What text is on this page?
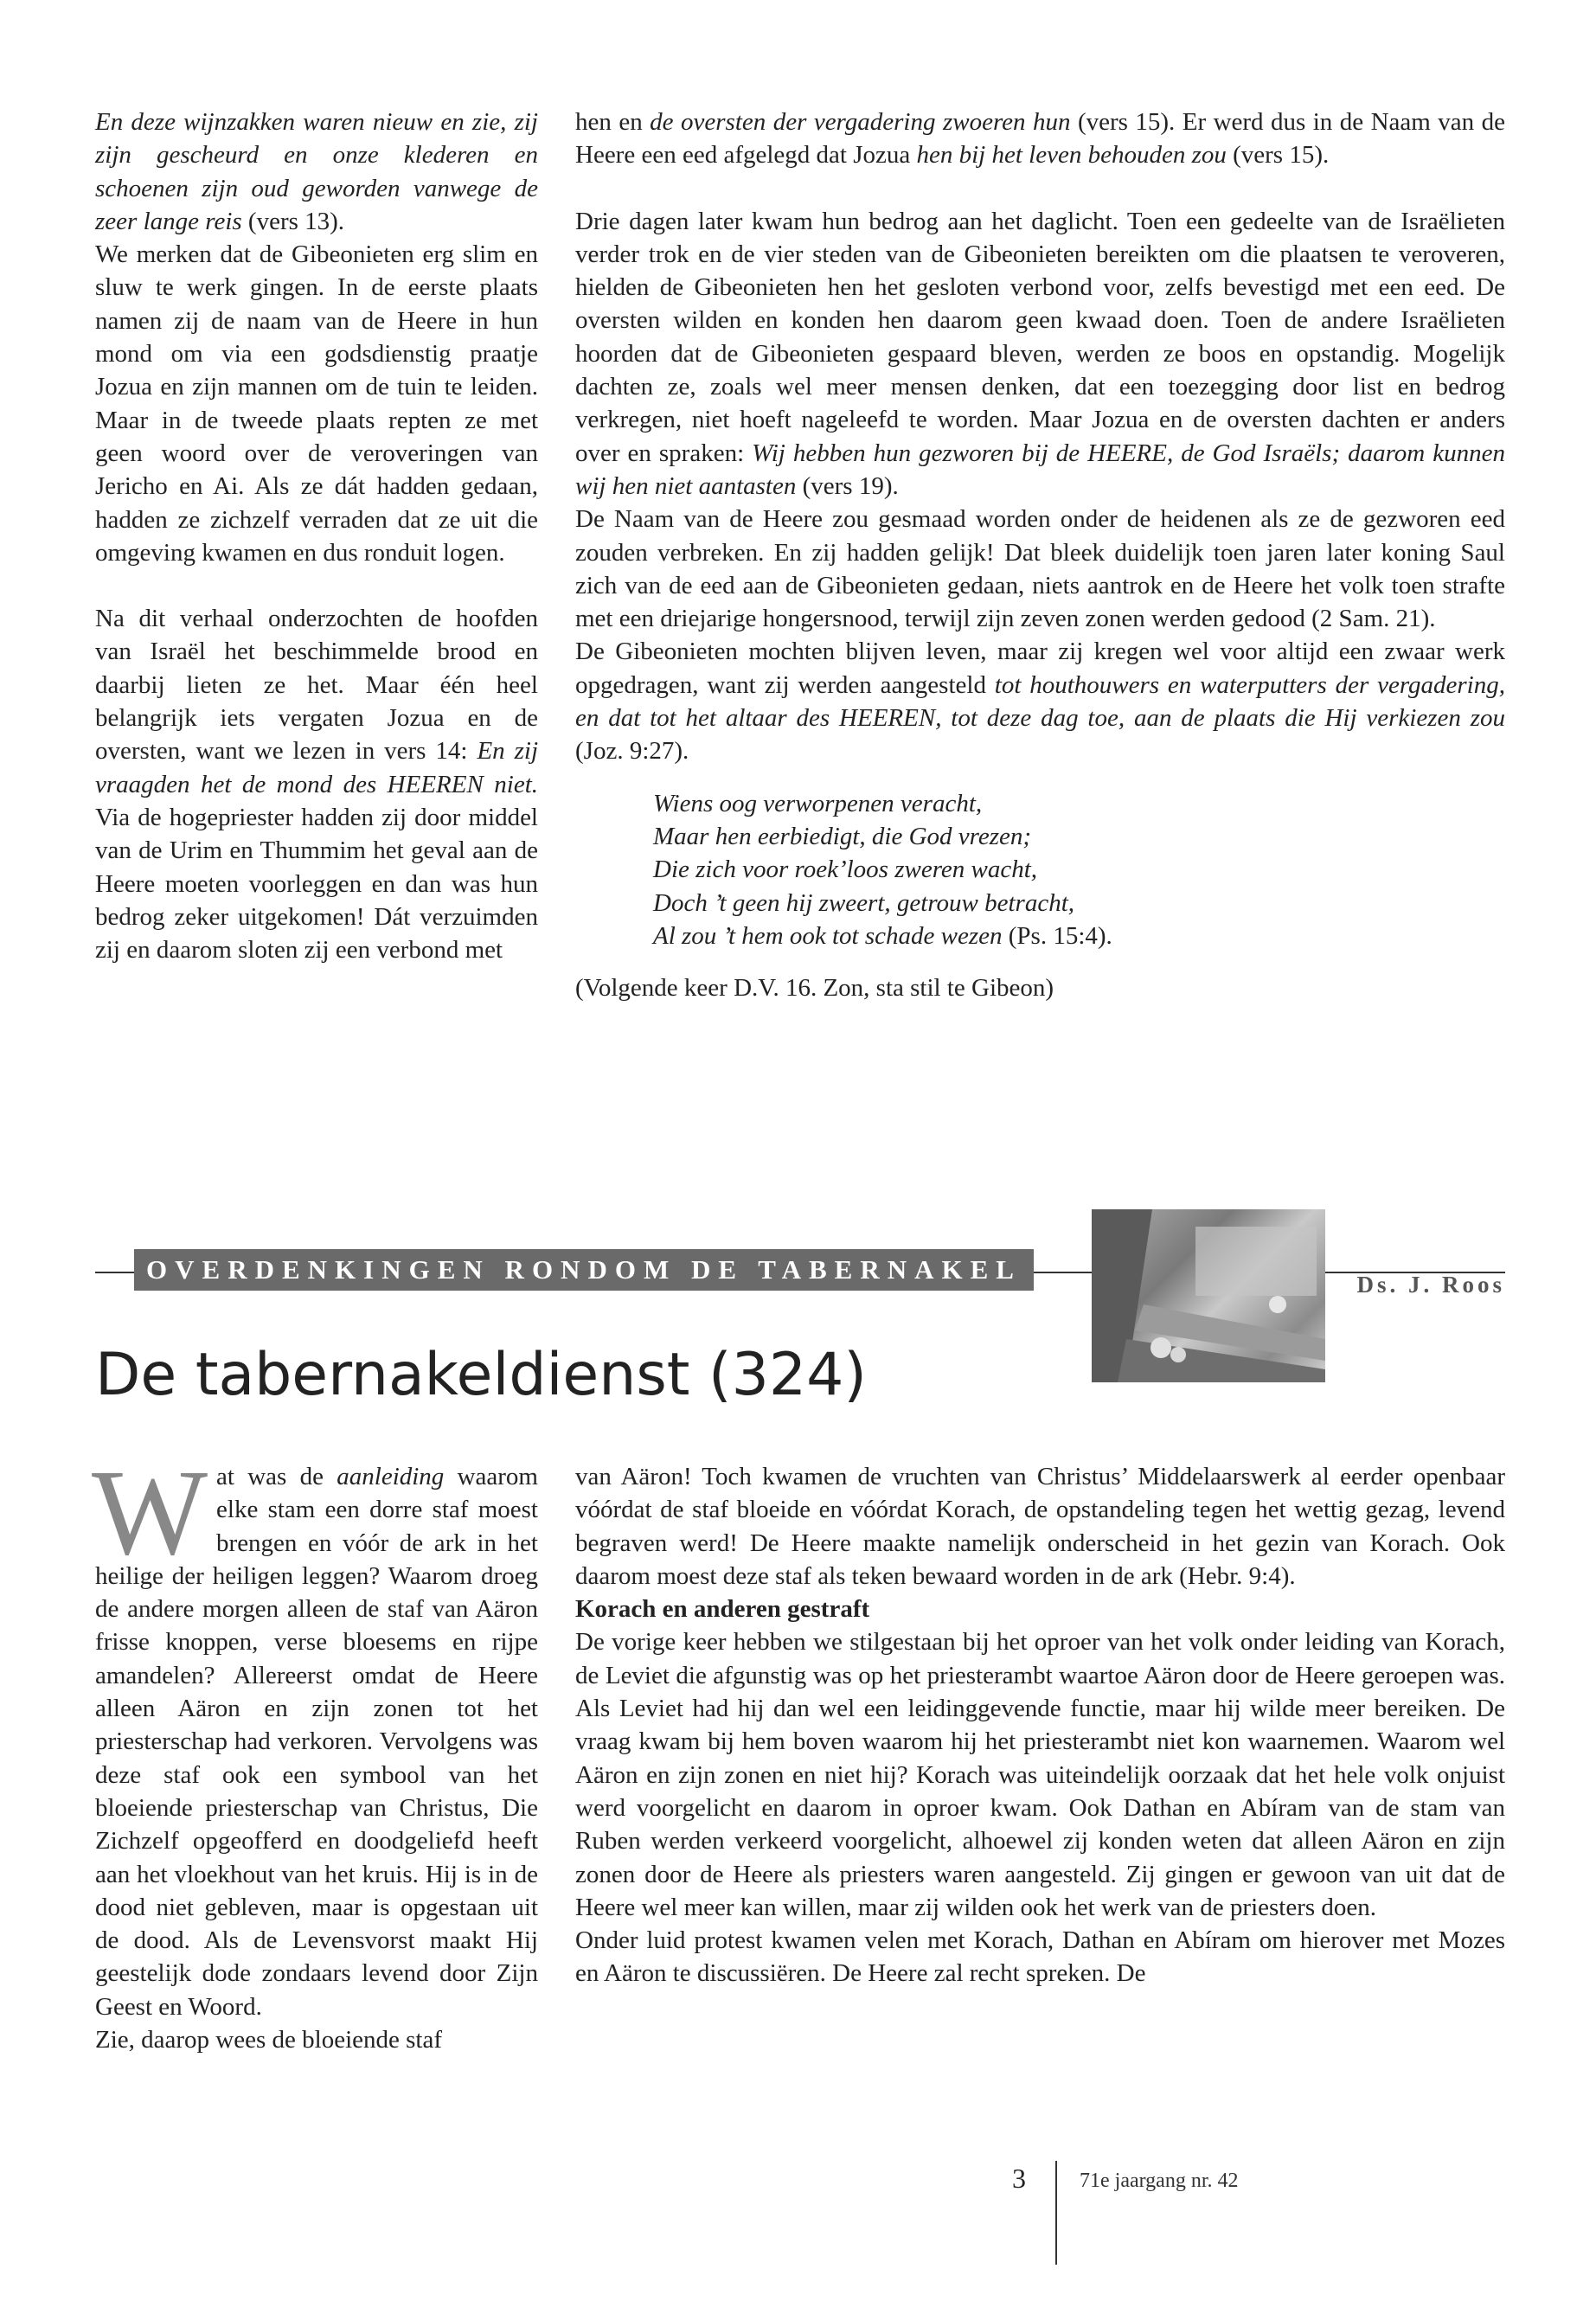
En deze wijnzakken waren nieuw en zie, zij zijn gescheurd en onze klederen en schoenen zijn oud geworden vanwege de zeer lange reis (vers 13).

We merken dat de Gibeonieten erg slim en sluw te werk gingen. In de eerste plaats namen zij de naam van de Heere in hun mond om via een godsdienstig praatje Jozua en zijn mannen om de tuin te leiden. Maar in de tweede plaats repten ze met geen woord over de veroveringen van Jericho en Ai. Als ze dát hadden gedaan, hadden ze zichzelf verraden dat ze uit die omgeving kwamen en dus ronduit logen.

Na dit verhaal onderzochten de hoofden van Israël het beschimmelde brood en daarbij lieten ze het. Maar één heel belangrijk iets vergaten Jozua en de oversten, want we lezen in vers 14: En zij vraagden het de mond des HEEREN niet. Via de hogepriester hadden zij door middel van de Urim en Thummim het geval aan de Heere moeten voorleggen en dan was hun bedrog zeker uitgekomen! Dát verzuimden zij en daarom sloten zij een verbond met

hen en de oversten der vergadering zwoeren hun (vers 15). Er werd dus in de Naam van de Heere een eed afgelegd dat Jozua hen bij het leven behouden zou (vers 15).

Drie dagen later kwam hun bedrog aan het daglicht. Toen een gedeelte van de Israëlieten verder trok en de vier steden van de Gibeonieten bereikten om die plaatsen te veroveren, hielden de Gibeonieten hen het gesloten verbond voor, zelfs bevestigd met een eed. De oversten wilden en konden hen daarom geen kwaad doen. Toen de andere Israëlieten hoorden dat de Gibeonieten gespaard bleven, werden ze boos en opstandig. Mogelijk dachten ze, zoals wel meer mensen denken, dat een toezegging door list en bedrog verkregen, niet hoeft nageleefd te worden. Maar Jozua en de oversten dachten er anders over en spraken: Wij hebben hun gezworen bij de HEERE, de God Israëls; daarom kunnen wij hen niet aantasten (vers 19).

De Naam van de Heere zou gesmaad worden onder de heidenen als ze de gezworen eed zouden verbreken. En zij hadden gelijk! Dat bleek duidelijk toen jaren later koning Saul zich van de eed aan de Gibeonieten gedaan, niets aantrok en de Heere het volk toen strafte met een driejarige hongersnood, terwijl zijn zeven zonen werden gedood (2 Sam. 21).

De Gibeonieten mochten blijven leven, maar zij kregen wel voor altijd een zwaar werk opgedragen, want zij werden aangesteld tot houthouwers en waterputters der vergadering, en dat tot het altaar des HEEREN, tot deze dag toe, aan de plaats die Hij verkiezen zou (Joz. 9:27).

Wiens oog verworpenen veracht,
Maar hen eerbiedigt, die God vrezen;
Die zich voor roek’loos zweren wacht,
Doch ’t geen hij zweert, getrouw betracht,
Al zou ’t hem ook tot schade wezen (Ps. 15:4).

(Volgende keer D.V. 16. Zon, sta stil te Gibeon)

OVERDENKINGEN RONDOM DE TABERNAKEL	Ds. J. Roos
De tabernakeldienst (324)

Wat was de aanleiding waarom elke stam een dorre staf moest brengen en vóór de ark in het heilige der heiligen leggen? Waarom droeg de andere morgen alleen de staf van Aäron frisse knoppen, verse bloesems en rijpe amandelen? Allereerst omdat de Heere alleen Aäron en zijn zonen tot het priesterschap had verkoren. Vervolgens was deze staf ook een symbool van het bloeiende priesterschap van Christus, Die Zichzelf opgeofferd en doodgeliefd heeft aan het vloekhout van het kruis. Hij is in de dood niet gebleven, maar is opgestaan uit de dood. Als de Levensvorst maakt Hij geestelijk dode zondaars levend door Zijn Geest en Woord.

Zie, daarop wees de bloeiende staf

van Aäron! Toch kwamen de vruchten van Christus’ Middelaarswerk al eerder openbaar vóórdat de staf bloeide en vóórdat Korach, de opstandeling tegen het wettig gezag, levend begraven werd! De Heere maakte namelijk onderscheid in het gezin van Korach. Ook daarom moest deze staf als teken bewaard worden in de ark (Hebr. 9:4).

Korach en anderen gestraft

De vorige keer hebben we stilgestaan bij het oproer van het volk onder leiding van Korach, de Leviet die afgunstig was op het priesterambt waartoe Aäron door de Heere geroepen was. Als Leviet had hij dan wel een leidinggevende functie, maar hij wilde meer bereiken. De vraag kwam bij hem boven waarom hij het priesterambt niet kon waarnemen. Waarom wel Aäron en zijn zonen en niet hij? Korach was uiteindelijk oorzaak dat het hele volk onjuist werd voorgelicht en daarom in oproer kwam. Ook Dathan en Abíram van de stam van Ruben werden verkeerd voorgelicht, alhoewel zij konden weten dat alleen Aäron en zijn zonen door de Heere als priesters waren aangesteld. Zij gingen er gewoon van uit dat de Heere wel meer kan willen, maar zij wilden ook het werk van de priesters doen.

Onder luid protest kwamen velen met Korach, Dathan en Abíram om hierover met Mozes en Aäron te discussiëren. De Heere zal recht spreken. De

3	71e jaargang nr. 42
